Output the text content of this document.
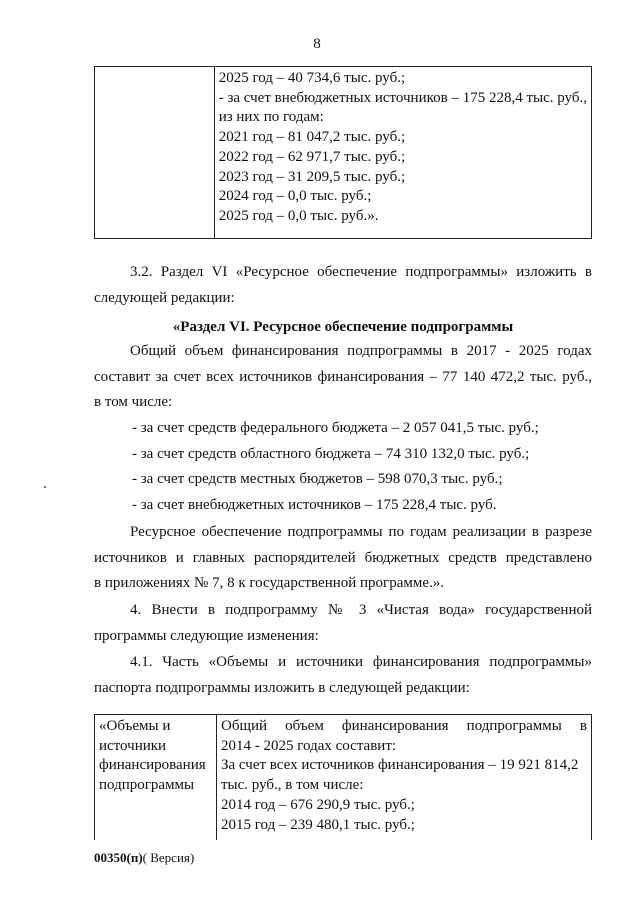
8
2025 год – 40 734,6 тыс. руб.;
- за счет внебюджетных источников – 175 228,4 тыс. руб.,
из них по годам:
2021 год – 81 047,2 тыс. руб.;
2022 год – 62 971,7 тыс. руб.;
2023 год – 31 209,5 тыс. руб.;
2024 год – 0,0 тыс. руб.;
2025 год – 0,0 тыс. руб.».
3.2. Раздел VI «Ресурсное обеспечение подпрограммы» изложить в
следующей редакции:
«Раздел VI. Ресурсное обеспечение подпрограммы
Общий объем финансирования подпрограммы в 2017 - 2025 годах
составит за счет всех источников финансирования – 77 140 472,2 тыс. руб.,
в том числе:
- за счет средств федерального бюджета – 2 057 041,5 тыс. руб.;
- за счет средств областного бюджета – 74 310 132,0 тыс. руб.;
- за счет средств местных бюджетов – 598 070,3 тыс. руб.;
- за счет внебюджетных источников – 175 228,4 тыс. руб.
Ресурсное обеспечение подпрограммы по годам реализации в разрезе
источников и главных распорядителей бюджетных средств представлено
в приложениях № 7, 8 к государственной программе.».
4. Внести в подпрограмму № 3 «Чистая вода» государственной
программы следующие изменения:
4.1. Часть «Объемы и источники финансирования подпрограммы»
паспорта подпрограммы изложить в следующей редакции:
«Объемы и
источники
финансирования
подпрограммы
Общий объем финансирования подпрограммы в
2014 - 2025 годах составит:
За счет всех источников финансирования – 19 921 814,2
тыс. руб., в том числе:
2014 год – 676 290,9 тыс. руб.;
2015 год – 239 480,1 тыс. руб.;
00350(п)( Версия)
